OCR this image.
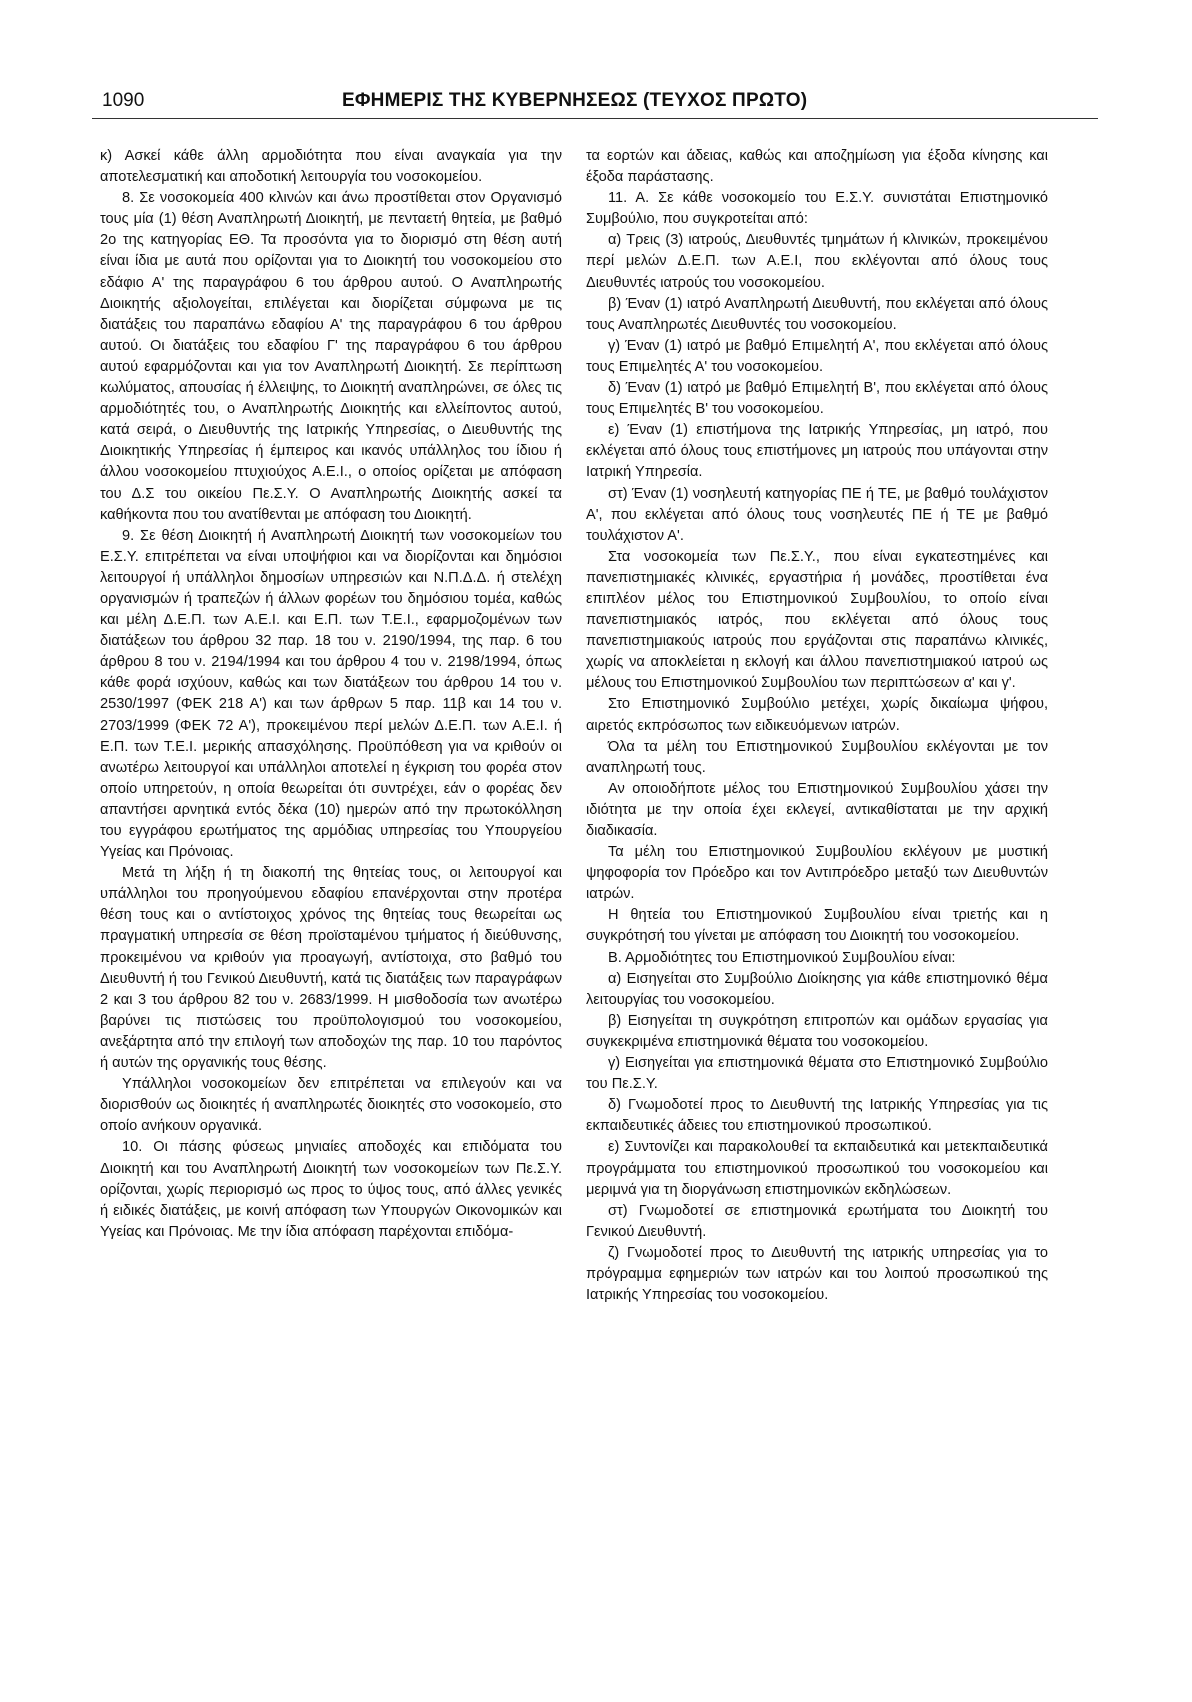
1090	ΕΦΗΜΕΡΙΣ ΤΗΣ ΚΥΒΕΡΝΗΣΕΩΣ (ΤΕΥΧΟΣ ΠΡΩΤΟ)

κ) Ασκεί κάθε άλλη αρμοδιότητα που είναι αναγκαία για την αποτελεσματική και αποδοτική λειτουργία του νοσοκομείου.

8. Σε νοσοκομεία 400 κλινών και άνω προστίθεται στον Οργανισμό τους μία (1) θέση Αναπληρωτή Διοικητή, με πενταετή θητεία, με βαθμό 2ο της κατηγορίας ΕΘ. Τα προσόντα για το διορισμό στη θέση αυτή είναι ίδια με αυτά που ορίζονται για το Διοικητή του νοσοκομείου στο εδάφιο Α' της παραγράφου 6 του άρθρου αυτού. Ο Αναπληρωτής Διοικητής αξιολογείται, επιλέγεται και διορίζεται σύμφωνα με τις διατάξεις του παραπάνω εδαφίου Α' της παραγράφου 6 του άρθρου αυτού. Οι διατάξεις του εδαφίου Γ' της παραγράφου 6 του άρθρου αυτού εφαρμόζονται και για τον Αναπληρωτή Διοικητή. Σε περίπτωση κωλύματος, απουσίας ή έλλειψης, το Διοικητή αναπληρώνει, σε όλες τις αρμοδιότητές του, ο Αναπληρωτής Διοικητής και ελλείποντος αυτού, κατά σειρά, ο Διευθυντής της Ιατρικής Υπηρεσίας, ο Διευθυντής της Διοικητικής Υπηρεσίας ή έμπειρος και ικανός υπάλληλος του ίδιου ή άλλου νοσοκομείου πτυχιούχος Α.Ε.Ι., ο οποίος ορίζεται με απόφαση του Δ.Σ του οικείου Πε.Σ.Υ. Ο Αναπληρωτής Διοικητής ασκεί τα καθήκοντα που του ανατίθενται με απόφαση του Διοικητή.

9. Σε θέση Διοικητή ή Αναπληρωτή Διοικητή των νοσοκομείων του Ε.Σ.Υ. επιτρέπεται να είναι υποψήφιοι και να διορίζονται και δημόσιοι λειτουργοί ή υπάλληλοι δημοσίων υπηρεσιών και Ν.Π.Δ.Δ. ή στελέχη οργανισμών ή τραπεζών ή άλλων φορέων του δημόσιου τομέα, καθώς και μέλη Δ.Ε.Π. των Α.Ε.Ι. και Ε.Π. των Τ.Ε.Ι., εφαρμοζομένων των διατάξεων του άρθρου 32 παρ. 18 του ν. 2190/1994, της παρ. 6 του άρθρου 8 του ν. 2194/1994 και του άρθρου 4 του ν. 2198/1994, όπως κάθε φορά ισχύουν, καθώς και των διατάξεων του άρθρου 14 του ν. 2530/1997 (ΦΕΚ 218 Α') και των άρθρων 5 παρ. 11β και 14 του ν. 2703/1999 (ΦΕΚ 72 Α'), προκειμένου περί μελών Δ.Ε.Π. των Α.Ε.Ι. ή Ε.Π. των Τ.Ε.Ι. μερικής απασχόλησης. Προϋπόθεση για να κριθούν οι ανωτέρω λειτουργοί και υπάλληλοι αποτελεί η έγκριση του φορέα στον οποίο υπηρετούν, η οποία θεωρείται ότι συντρέχει, εάν ο φορέας δεν απαντήσει αρνητικά εντός δέκα (10) ημερών από την πρωτοκόλληση του εγγράφου ερωτήματος της αρμόδιας υπηρεσίας του Υπουργείου Υγείας και Πρόνοιας.

Μετά τη λήξη ή τη διακοπή της θητείας τους, οι λειτουργοί και υπάλληλοι του προηγούμενου εδαφίου επανέρχονται στην προτέρα θέση τους και ο αντίστοιχος χρόνος της θητείας τους θεωρείται ως πραγματική υπηρεσία σε θέση προϊσταμένου τμήματος ή διεύθυνσης, προκειμένου να κριθούν για προαγωγή, αντίστοιχα, στο βαθμό του Διευθυντή ή του Γενικού Διευθυντή, κατά τις διατάξεις των παραγράφων 2 και 3 του άρθρου 82 του ν. 2683/1999. Η μισθοδοσία των ανωτέρω βαρύνει τις πιστώσεις του προϋπολογισμού του νοσοκομείου, ανεξάρτητα από την επιλογή των αποδοχών της παρ. 10 του παρόντος ή αυτών της οργανικής τους θέσης.

Υπάλληλοι νοσοκομείων δεν επιτρέπεται να επιλεγούν και να διορισθούν ως διοικητές ή αναπληρωτές διοικητές στο νοσοκομείο, στο οποίο ανήκουν οργανικά.

10. Οι πάσης φύσεως μηνιαίες αποδοχές και επιδόματα του Διοικητή και του Αναπληρωτή Διοικητή των νοσοκομείων των Πε.Σ.Υ. ορίζονται, χωρίς περιορισμό ως προς το ύψος τους, από άλλες γενικές ή ειδικές διατάξεις, με κοινή απόφαση των Υπουργών Οικονομικών και Υγείας και Πρόνοιας. Με την ίδια απόφαση παρέχονται επιδόμα-

τα εορτών και άδειας, καθώς και αποζημίωση για έξοδα κίνησης και έξοδα παράστασης.

11. Α. Σε κάθε νοσοκομείο του Ε.Σ.Υ. συνιστάται Επιστημονικό Συμβούλιο, που συγκροτείται από:

α) Τρεις (3) ιατρούς, Διευθυντές τμημάτων ή κλινικών, προκειμένου περί μελών Δ.Ε.Π. των Α.Ε.Ι, που εκλέγονται από όλους τους Διευθυντές ιατρούς του νοσοκομείου.

β) Έναν (1) ιατρό Αναπληρωτή Διευθυντή, που εκλέγεται από όλους τους Αναπληρωτές Διευθυντές του νοσοκομείου.

γ) Έναν (1) ιατρό με βαθμό Επιμελητή Α', που εκλέγεται από όλους τους Επιμελητές Α' του νοσοκομείου.

δ) Έναν (1) ιατρό με βαθμό Επιμελητή Β', που εκλέγεται από όλους τους Επιμελητές Β' του νοσοκομείου.

ε) Έναν (1) επιστήμονα της Ιατρικής Υπηρεσίας, μη ιατρό, που εκλέγεται από όλους τους επιστήμονες μη ιατρούς που υπάγονται στην Ιατρική Υπηρεσία.

στ) Έναν (1) νοσηλευτή κατηγορίας ΠΕ ή ΤΕ, με βαθμό τουλάχιστον Α', που εκλέγεται από όλους τους νοσηλευτές ΠΕ ή ΤΕ με βαθμό τουλάχιστον Α'.

Στα νοσοκομεία των Πε.Σ.Υ., που είναι εγκατεστημένες και πανεπιστημιακές κλινικές, εργαστήρια ή μονάδες, προστίθεται ένα επιπλέον μέλος του Επιστημονικού Συμβουλίου, το οποίο είναι πανεπιστημιακός ιατρός, που εκλέγεται από όλους τους πανεπιστημιακούς ιατρούς που εργάζονται στις παραπάνω κλινικές, χωρίς να αποκλείεται η εκλογή και άλλου πανεπιστημιακού ιατρού ως μέλους του Επιστημονικού Συμβουλίου των περιπτώσεων α' και γ'.

Στο Επιστημονικό Συμβούλιο μετέχει, χωρίς δικαίωμα ψήφου, αιρετός εκπρόσωπος των ειδικευόμενων ιατρών.

Όλα τα μέλη του Επιστημονικού Συμβουλίου εκλέγονται με τον αναπληρωτή τους.

Αν οποιοδήποτε μέλος του Επιστημονικού Συμβουλίου χάσει την ιδιότητα με την οποία έχει εκλεγεί, αντικαθίσταται με την αρχική διαδικασία.

Τα μέλη του Επιστημονικού Συμβουλίου εκλέγουν με μυστική ψηφοφορία τον Πρόεδρο και τον Αντιπρόεδρο μεταξύ των Διευθυντών ιατρών.

Η θητεία του Επιστημονικού Συμβουλίου είναι τριετής και η συγκρότησή του γίνεται με απόφαση του Διοικητή του νοσοκομείου.

Β. Αρμοδιότητες του Επιστημονικού Συμβουλίου είναι:

α) Εισηγείται στο Συμβούλιο Διοίκησης για κάθε επιστημονικό θέμα λειτουργίας του νοσοκομείου.

β) Εισηγείται τη συγκρότηση επιτροπών και ομάδων εργασίας για συγκεκριμένα επιστημονικά θέματα του νοσοκομείου.

γ) Εισηγείται για επιστημονικά θέματα στο Επιστημονικό Συμβούλιο του Πε.Σ.Υ.

δ) Γνωμοδοτεί προς το Διευθυντή της Ιατρικής Υπηρεσίας για τις εκπαιδευτικές άδειες του επιστημονικού προσωπικού.

ε) Συντονίζει και παρακολουθεί τα εκπαιδευτικά και μετεκπαιδευτικά προγράμματα του επιστημονικού προσωπικού του νοσοκομείου και μεριμνά για τη διοργάνωση επιστημονικών εκδηλώσεων.

στ) Γνωμοδοτεί σε επιστημονικά ερωτήματα του Διοικητή του Γενικού Διευθυντή.

ζ) Γνωμοδοτεί προς το Διευθυντή της ιατρικής υπηρεσίας για το πρόγραμμα εφημεριών των ιατρών και του λοιπού προσωπικού της Ιατρικής Υπηρεσίας του νοσοκομείου.
